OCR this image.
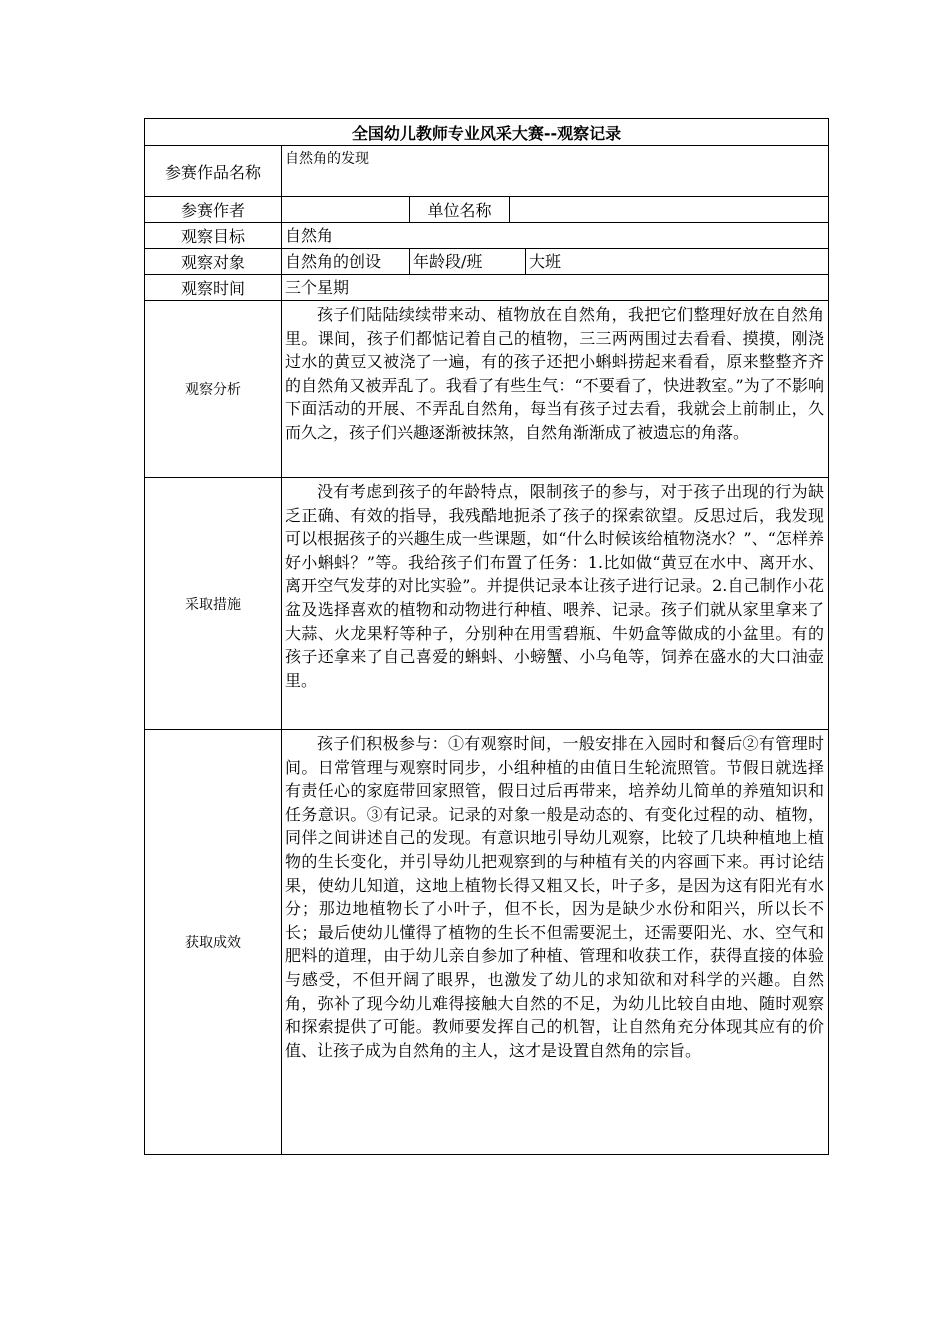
全国幼儿教师专业风采大赛--观察记录				
参赛作品名称	自然角的发现			
参赛作者		单位名称		
观察目标	自然角			
观察对象	自然角的创设	年龄段/班		大班
观察时间	三个星期			
观察分析	孩子们陆陆续续带来动、植物放在自然角，我把它们整理好放在自然角里。课间，孩子们都惦记着自己的植物，三三两两围过去看看、摸摸，刚浇过水的黄豆又被浇了一遍，有的孩子还把小蝌蚪捞起来看看，原来整整齐齐的自然角又被弄乱了。我看了有些生气：“不要看了，快进教室。”为了不影响下面活动的开展、不弄乱自然角，每当有孩子过去看，我就会上前制止，久而久之，孩子们兴趣逐渐被抹煞，自然角渐渐成了被遗忘的角落。			
采取措施	没有考虑到孩子的年龄特点，限制孩子的参与，对于孩子出现的行为缺乏正确、有效的指导，我残酷地扼杀了孩子的探索欲望。反思过后，我发现可以根据孩子的兴趣生成一些课题，如“什么时候该给植物浇水？”、“怎样养好小蝌蚪？”等。我给孩子们布置了任务：1.比如做“黄豆在水中、离开水、离开空气发芽的对比实验”。并提供记录本让孩子进行记录。2.自己制作小花盆及选择喜欢的植物和动物进行种植、喂养、记录。孩子们就从家里拿来了大蒜、火龙果籽等种子，分别种在用雪碧瓶、牛奶盒等做成的小盆里。有的孩子还拿来了自己喜爱的蝌蚪、小螃蟹、小乌龟等，饲养在盛水的大口油壶里。			
获取成效	孩子们积极参与：①有观察时间，一般安排在入园时和餐后②有管理时间。日常管理与观察时同步，小组种植的由值日生轮流照管。节假日就选择有责任心的家庭带回家照管，假日过后再带来，培养幼儿简单的养殖知识和任务意识。③有记录。记录的对象一般是动态的、有变化过程的动、植物，同伴之间讲述自己的发现。有意识地引导幼儿观察，比较了几块种植地上植物的生长变化，并引导幼儿把观察到的与种植有关的内容画下来。再讨论结果，使幼儿知道，这地上植物长得又粗又长，叶子多，是因为这有阳光有水分；那边地植物长了小叶子，但不长，因为是缺少水份和阳兴，所以长不长；最后使幼儿懂得了植物的生长不但需要泥土，还需要阳光、水、空气和肥料的道理，由于幼儿亲自参加了种植、管理和收获工作，获得直接的体验与感受，不但开阔了眼界，也激发了幼儿的求知欲和对科学的兴趣。自然角，弥补了现今幼儿难得接触大自然的不足，为幼儿比较自由地、随时观察和探索提供了可能。教师要发挥自己的机智，让自然角充分体现其应有的价值、让孩子成为自然角的主人，这才是设置自然角的宗旨。			
